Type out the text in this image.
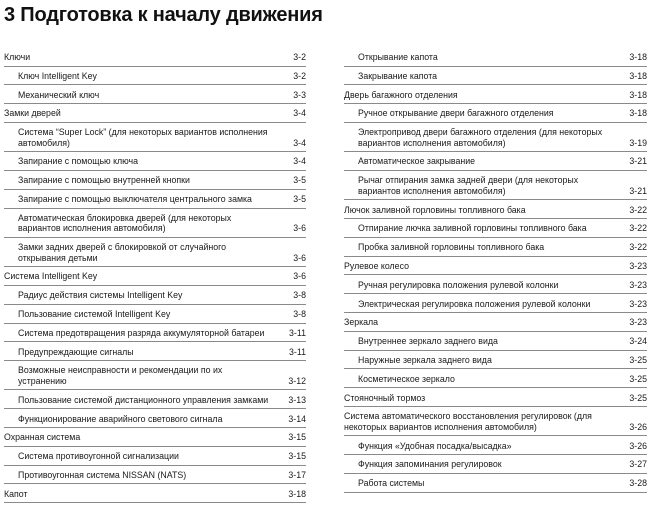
3 Подготовка к началу движения
Ключи	3-2
Ключ Intelligent Key	3-2
Механический ключ	3-3
Замки дверей	3-4
Система “Super Lock” (для некоторых вариантов исполнения автомобиля)	3-4
Запирание с помощью ключа	3-4
Запирание с помощью внутренней кнопки	3-5
Запирание с помощью выключателя центрального замка	3-5
Автоматическая блокировка дверей (для некоторых вариантов исполнения автомобиля)	3-6
Замки задних дверей с блокировкой от случайного открывания детьми	3-6
Система Intelligent Key	3-6
Радиус действия системы Intelligent Key	3-8
Пользование системой Intelligent Key	3-8
Система предотвращения разряда аккумуляторной батареи	3-11
Предупреждающие сигналы	3-11
Возможные неисправности и рекомендации по их устранению	3-12
Пользование системой дистанционного управления замками	3-13
Функционирование аварийного светового сигнала	3-14
Охранная система	3-15
Система противоугонной сигнализации	3-15
Противоугонная система NISSAN (NATS)	3-17
Капот	3-18
Открывание капота	3-18
Закрывание капота	3-18
Дверь багажного отделения	3-18
Ручное открывание двери багажного отделения	3-18
Электропривод двери багажного отделения (для некоторых вариантов исполнения автомобиля)	3-19
Автоматическое закрывание	3-21
Рычаг отпирания замка задней двери (для некоторых вариантов исполнения автомобиля)	3-21
Лючок заливной горловины топливного бака	3-22
Отпирание лючка заливной горловины топливного бака	3-22
Пробка заливной горловины топливного бака	3-22
Рулевое колесо	3-23
Ручная регулировка положения рулевой колонки	3-23
Электрическая регулировка положения рулевой колонки	3-23
Зеркала	3-23
Внутреннее зеркало заднего вида	3-24
Наружные зеркала заднего вида	3-25
Косметическое зеркало	3-25
Стояночный тормоз	3-25
Система автоматического восстановления регулировок (для некоторых вариантов исполнения автомобиля)	3-26
Функция «Удобная посадка/высадка»	3-26
Функция запоминания регулировок	3-27
Работа системы	3-28
